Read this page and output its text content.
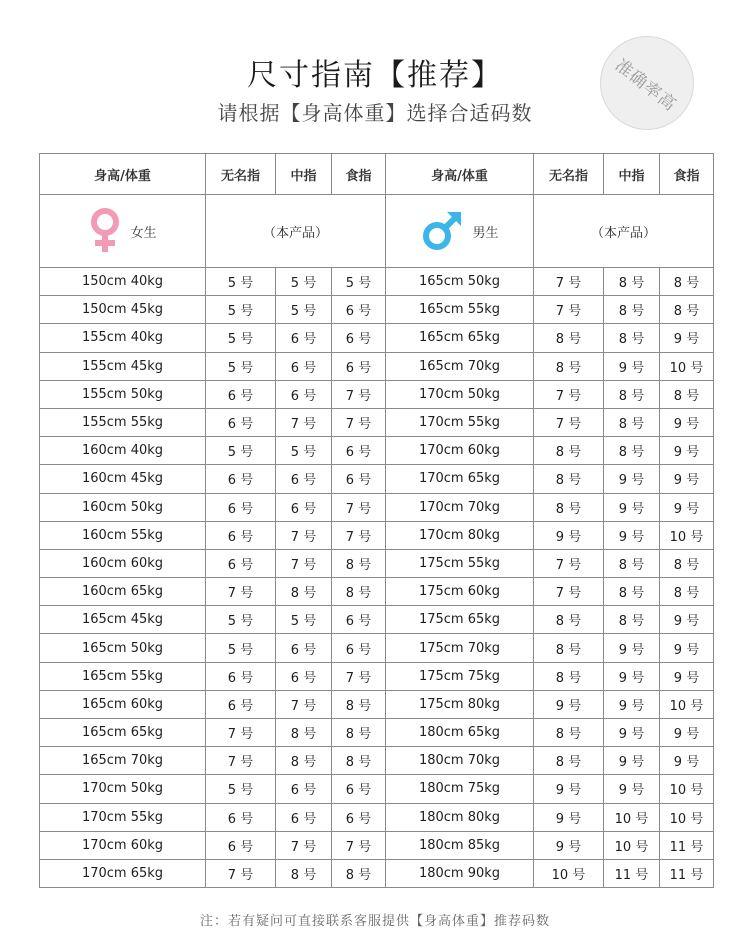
尺寸指南【推荐】
请根据【身高体重】选择合适码数	准确率高
身高/体重	无名指	中指	食指	身高/体重	无名指	中指	食指

女生	（本产品）			男生	（本产品）		
150cm 40kg	5 号	5 号	5 号	165cm 50kg	7 号	8 号	8 号
150cm 45kg	5 号	5 号	6 号	165cm 55kg	7 号	8 号	8 号
155cm 40kg	5 号	6 号	6 号	165cm 65kg	8 号	8 号	9 号
155cm 45kg	5 号	6 号	6 号	165cm 70kg	8 号	9 号	10 号
155cm 50kg	6 号	6 号	7 号	170cm 50kg	7 号	8 号	8 号
155cm 55kg	6 号	7 号	7 号	170cm 55kg	7 号	8 号	9 号
160cm 40kg	5 号	5 号	6 号	170cm 60kg	8 号	8 号	9 号
160cm 45kg	6 号	6 号	6 号	170cm 65kg	8 号	9 号	9 号
160cm 50kg	6 号	6 号	7 号	170cm 70kg	8 号	9 号	9 号
160cm 55kg	6 号	7 号	7 号	170cm 80kg	9 号	9 号	10 号
160cm 60kg	6 号	7 号	8 号	175cm 55kg	7 号	8 号	8 号
160cm 65kg	7 号	8 号	8 号	175cm 60kg	7 号	8 号	8 号
165cm 45kg	5 号	5 号	6 号	175cm 65kg	8 号	8 号	9 号
165cm 50kg	5 号	6 号	6 号	175cm 70kg	8 号	9 号	9 号
165cm 55kg	6 号	6 号	7 号	175cm 75kg	8 号	9 号	9 号
165cm 60kg	6 号	7 号	8 号	175cm 80kg	9 号	9 号	10 号
165cm 65kg	7 号	8 号	8 号	180cm 65kg	8 号	9 号	9 号
165cm 70kg	7 号	8 号	8 号	180cm 70kg	8 号	9 号	9 号
170cm 50kg	5 号	6 号	6 号	180cm 75kg	9 号	9 号	10 号
170cm 55kg	6 号	6 号	6 号	180cm 80kg	9 号	10 号	10 号
170cm 60kg	6 号	7 号	7 号	180cm 85kg	9 号	10 号	11 号
170cm 65kg	7 号	8 号	8 号	180cm 90kg	10 号	11 号	11 号
注：若有疑问可直接联系客服提供【身高体重】推荐码数
